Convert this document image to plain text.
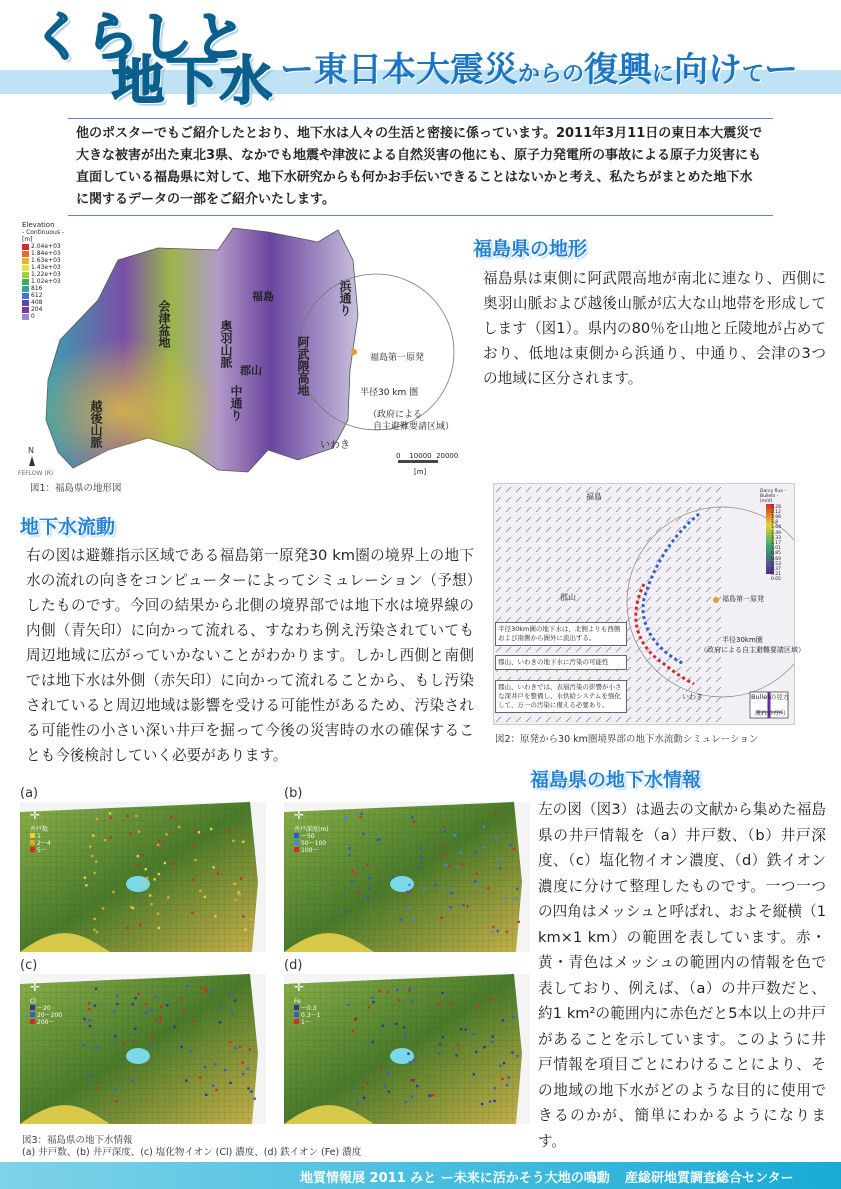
くらしと
地下水 ー東日本大震災からの復興に向けてー
他のポスターでもご紹介したとおり、地下水は人々の生活と密接に係っています。2011年3月11日の東日本大震災で大きな被害が出た東北3県、なかでも地震や津波による自然災害の他にも、原子力発電所の事故による原子力災害にも直面している福島県に対して、地下水研究からも何かお手伝いできることはないかと考え、私たちがまとめた地下水に関するデータの一部をご紹介いたします。
N
Elevation
- Continuous -
[m]
2.04e+03
1.84e+03
1.63e+03
1.43e+03
1.22e+03
1.02e+03
816
612
408
204
0
福島	浜通り
会津盆地	奥羽山脈
郡山
中通り
阿武隈高地
越後山脈	いわき
福島第一原発
半径30 km 圏
（政府による
自主避難要請区域）
0    10000  20000
[m]
FEFLOW (R)
図1：福島県の地形図
福島県の地形
福島県は東側に阿武隈高地が南北に連なり、西側に奥羽山脈および越後山脈が広大な山地帯を形成してします（図1）。県内の80％を山地と丘陵地が占めており、低地は東側から浜通り、中通り、会津の3つの地域に区分されます。
地下水流動
右の図は避難指示区域である福島第一原発30 km圏の境界上の地下水の流れの向きをコンピューターによってシミュレーション（予想）したものです。今回の結果から北側の境界部では地下水は境界線の内側（青矢印）に向かって流れる、すなわち例え汚染されていても周辺地域に広がっていかないことがわかります。しかし西側と南側では地下水は外側（赤矢印）に向かって流れることから、もし汚染されていると周辺地域は影響を受ける可能性があるため、汚染される可能性の小さい深い井戸を掘って今後の災害時の水の確保することも今後検討していく必要があります。
福島
郡山
いわき
福島第一原発
半径30km圏
（政府による自主避難要請区域）
半径30km圏の地下水は、北側よりも西側および南側から圏外に流出する。
郡山、いわきの地下水に汚染の可能性
郡山、いわきでは、表層汚染の影響が小さな深井戸を整備し、水供給システムを強化して、万一の汚染に備える必要あり。
Darcy flux - Bullets - [m/d]
2.28
2.12
1.96
1.8
1.64
1.49
1.33
1.17
1.01
0.85
0.69
0.53
0.37
0.21
0.05
Bulletの見方
流れの方向
図2：原発から30 km圏境界部の地下水流動シミュレーション
福島県の地下水情報
左の図（図3）は過去の文献から集めた福島県の井戸情報を（a）井戸数、（b）井戸深度、（c）塩化物イオン濃度、（d）鉄イオン濃度に分けて整理したものです。一つ一つの四角はメッシュと呼ばれ、およそ縦横（1 km×1 km）の範囲を表しています。赤・黄・青色はメッシュの範囲内の情報を色で表しており、例えば、（a）の井戸数だと、約1 km²の範囲内に赤色だと5本以上の井戸があることを示しています。このように井戸情報を項目ごとにわけることにより、その地域の地下水がどのような目的に使用できるのかが、簡単にわかるようになります。
(a)
井戸数
1
2〜4
5〜
✛
(b)
井戸深度(m)
〜50
50〜100
100〜
✛
(c)
Cl
〜20
20〜200
200〜
✛
(d)
Fe
〜0.3
0.3〜1
1〜
✛
図3：福島県の地下水情報
(a) 井戸数、(b) 井戸深度、(c) 塩化物イオン (Cl) 濃度、(d) 鉄イオン (Fe) 濃度
地質情報展 2011 みと ー未来に活かそう大地の鳴動 産総研地質調査総合センター
